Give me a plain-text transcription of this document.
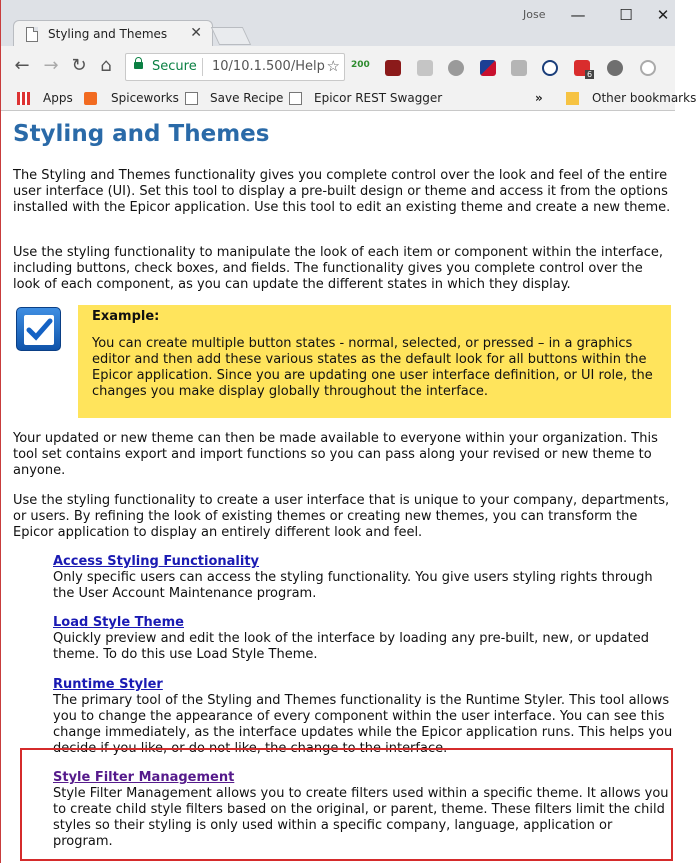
Styling and Themes ✕
Jose	—	☐	✕
← → ↻ ⌂	Secure 10/10.1.500/Help ☆ 200
6
Apps	Spiceworks	Save Recipe	Epicor REST Swagger	»	Other bookmarks
Styling and Themes

The Styling and Themes functionality gives you complete control over the look and feel of the entire user interface (UI). Set this tool to display a pre-built design or theme and access it from the options installed with the Epicor application. Use this tool to edit an existing theme and create a new theme.

Use the styling functionality to manipulate the look of each item or component within the interface, including buttons, check boxes, and fields. The functionality gives you complete control over the look of each component, as you can update the different states in which they display.

Example:
You can create multiple button states - normal, selected, or pressed – in a graphics editor and then add these various states as the default look for all buttons within the Epicor application. Since you are updating one user interface definition, or UI role, the changes you make display globally throughout the interface.

Your updated or new theme can then be made available to everyone within your organization. This tool set contains export and import functions so you can pass along your revised or new theme to anyone.

Use the styling functionality to create a user interface that is unique to your company, departments, or users. By refining the look of existing themes or creating new themes, you can transform the Epicor application to display an entirely different look and feel.

Access Styling Functionality
Only specific users can access the styling functionality. You give users styling rights through the User Account Maintenance program.
Load Style Theme
Quickly preview and edit the look of the interface by loading any pre-built, new, or updated theme. To do this use Load Style Theme.
Runtime Styler
The primary tool of the Styling and Themes functionality is the Runtime Styler. This tool allows you to change the appearance of every component within the user interface. You can see this change immediately, as the interface updates while the Epicor application runs. This helps you decide if you like, or do not like, the change to the interface.
Style Filter Management
Style Filter Management allows you to create filters used within a specific theme. It allows you to create child style filters based on the original, or parent, theme. These filters limit the child styles so their styling is only used within a specific company, language, application or program.
